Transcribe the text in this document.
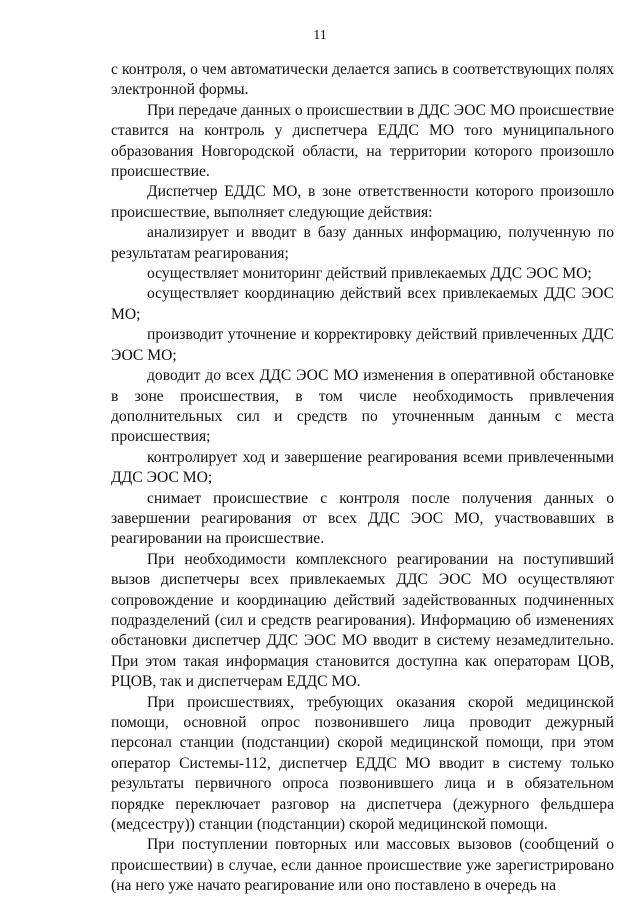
11

с контроля, о чем автоматически делается запись в соответствующих полях электронной формы.

При передаче данных о происшествии в ДДС ЭОС МО происшествие ставится на контроль у диспетчера ЕДДС МО того муниципального образования Новгородской области, на территории которого произошло происшествие.

Диспетчер ЕДДС МО, в зоне ответственности которого произошло происшествие, выполняет следующие действия:

анализирует и вводит в базу данных информацию, полученную по результатам реагирования;

осуществляет мониторинг действий привлекаемых ДДС ЭОС МО;

осуществляет координацию действий всех привлекаемых ДДС ЭОС МО;

производит уточнение и корректировку действий привлеченных ДДС ЭОС МО;

доводит до всех ДДС ЭОС МО изменения в оперативной обстановке в зоне происшествия, в том числе необходимость привлечения дополнительных сил и средств по уточненным данным с места происшествия;

контролирует ход и завершение реагирования всеми привлеченными ДДС ЭОС МО;

снимает происшествие с контроля после получения данных о завершении реагирования от всех ДДС ЭОС МО, участвовавших в реагировании на происшествие.

При необходимости комплексного реагировании на поступивший вызов диспетчеры всех привлекаемых ДДС ЭОС МО осуществляют сопровождение и координацию действий задействованных подчиненных подразделений (сил и средств реагирования). Информацию об изменениях обстановки диспетчер ДДС ЭОС МО вводит в систему незамедлительно. При этом такая информация становится доступна как операторам ЦОВ, РЦОВ, так и диспетчерам ЕДДС МО.

При происшествиях, требующих оказания скорой медицинской помощи, основной опрос позвонившего лица проводит дежурный персонал станции (подстанции) скорой медицинской помощи, при этом оператор Системы-112, диспетчер ЕДДС МО вводит в систему только результаты первичного опроса позвонившего лица и в обязательном порядке переключает разговор на диспетчера (дежурного фельдшера (медсестру)) станции (подстанции) скорой медицинской помощи.

При поступлении повторных или массовых вызовов (сообщений о происшествии) в случае, если данное происшествие уже зарегистрировано (на него уже начато реагирование или оно поставлено в очередь на
